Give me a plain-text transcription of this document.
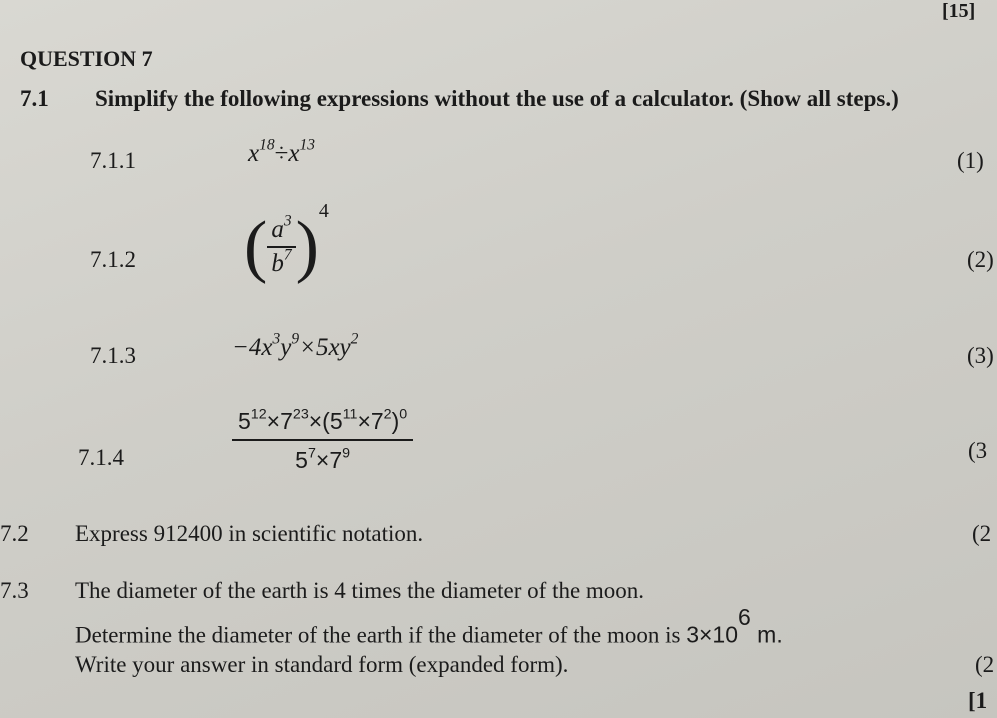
[15]
QUESTION 7
7.1 Simplify the following expressions without the use of a calculator. (Show all steps.)
7.1.1	$x^{18}\div x^{13}$
(1)
7.1.2 ( $\frac{a^3}{b^7} )^4$
(2)
7.1.3	$-4x^3y^9\times 5xy^2$
(3)
7.1.4	$\frac{5^{12}\times 7^{23}\times(5^{11}\times 7^2)^0}{5^7\times 7^9}$	(3
7.2 Express 912400 in scientific notation.	(2
7.3 The diameter of the earth is 4 times the diameter of the moon.
Determine the diameter of the earth if the diameter of the moon is $3\times 10^6$ m.
Write your answer in standard form (expanded form).	(2
[1
